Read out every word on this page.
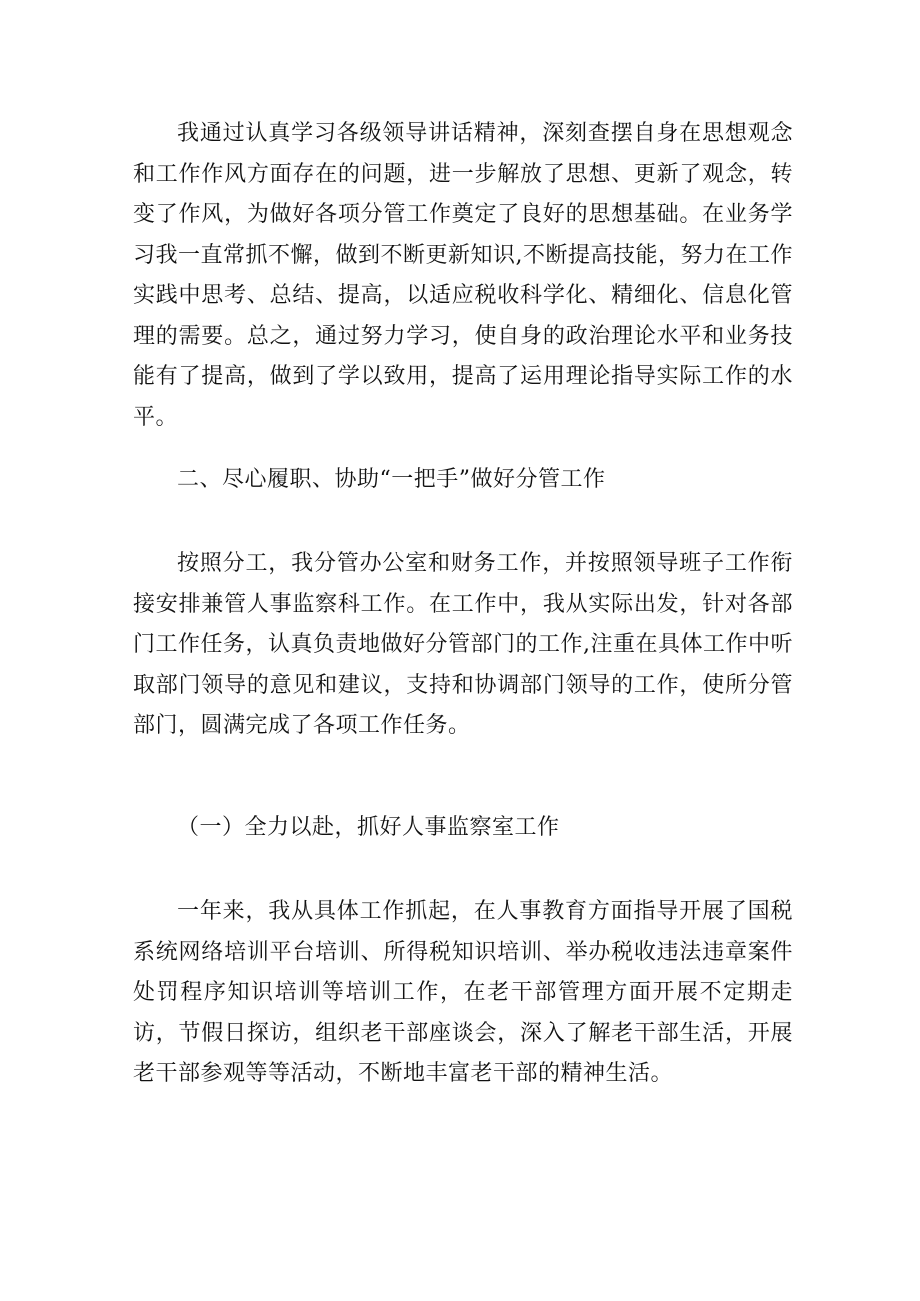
我通过认真学习各级领导讲话精神，深刻查摆自身在思想观念和工作作风方面存在的问题，进一步解放了思想、更新了观念，转变了作风，为做好各项分管工作奠定了良好的思想基础。在业务学习我一直常抓不懈，做到不断更新知识,不断提高技能，努力在工作实践中思考、总结、提高，以适应税收科学化、精细化、信息化管理的需要。总之，通过努力学习，使自身的政治理论水平和业务技能有了提高，做到了学以致用，提高了运用理论指导实际工作的水平。

二、尽心履职、协助“一把手”做好分管工作

按照分工，我分管办公室和财务工作，并按照领导班子工作衔接安排兼管人事监察科工作。在工作中，我从实际出发，针对各部门工作任务，认真负责地做好分管部门的工作,注重在具体工作中听取部门领导的意见和建议，支持和协调部门领导的工作，使所分管部门，圆满完成了各项工作任务。

（一）全力以赴，抓好人事监察室工作

一年来，我从具体工作抓起，在人事教育方面指导开展了国税系统网络培训平台培训、所得税知识培训、举办税收违法违章案件处罚程序知识培训等培训工作，在老干部管理方面开展不定期走访，节假日探访，组织老干部座谈会，深入了解老干部生活，开展老干部参观等等活动，不断地丰富老干部的精神生活。
